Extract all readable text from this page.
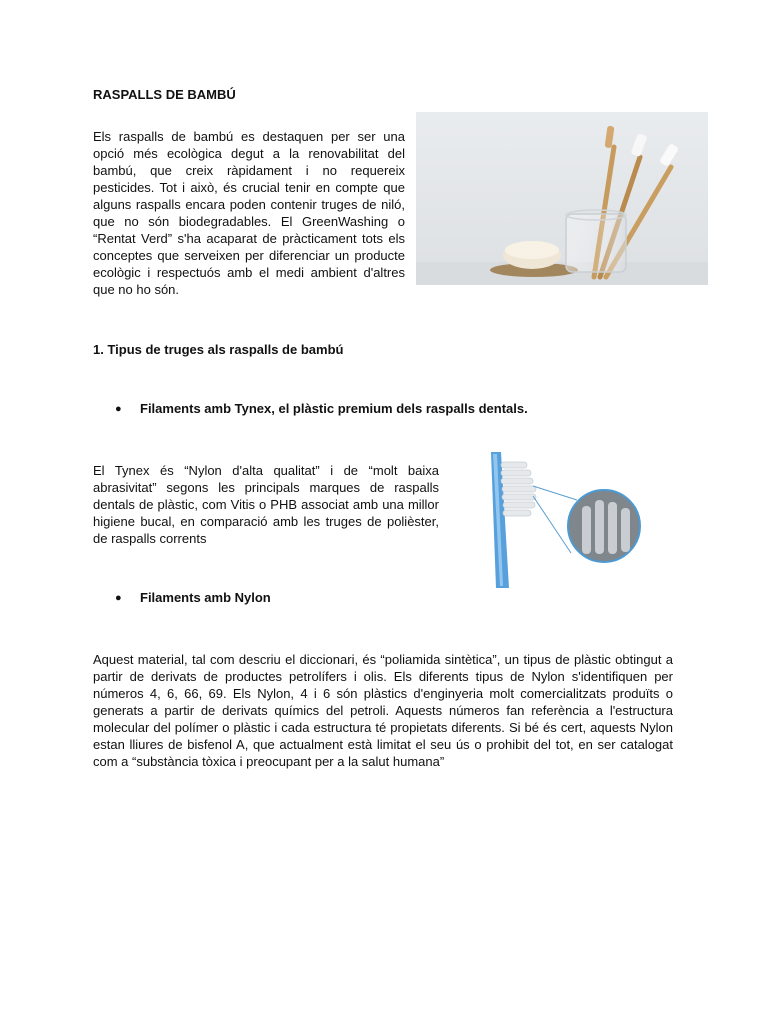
RASPALLS DE BAMBÚ
Els raspalls de bambú es destaquen per ser una opció més ecològica degut a la renovabilitat del bambú, que creix ràpidament i no requereix pesticides. Tot i això, és crucial tenir en compte que alguns raspalls encara poden contenir truges de niló, que no són biodegradables. El GreenWashing o “Rentat Verd” s'ha acaparat de pràcticament tots els conceptes que serveixen per diferenciar un producte ecològic i respectuós amb el medi ambient d'altres que no ho són.
1. Tipus de truges als raspalls de bambú
●	Filaments amb Tynex, el plàstic premium dels raspalls dentals.
El Tynex és “Nylon d'alta qualitat” i de “molt baixa abrasivitat” segons les principals marques de raspalls dentals de plàstic, com Vitis o PHB associat amb una millor higiene bucal, en comparació amb les truges de polièster, de raspalls corrents
●	Filaments amb Nylon
Aquest material, tal com descriu el diccionari, és “poliamida sintètica”, un tipus de plàstic obtingut a partir de derivats de productes petrolífers i olis. Els diferents tipus de Nylon s'identifiquen per números 4, 6, 66, 69. Els Nylon, 4 i 6 són plàstics d'enginyeria molt comercialitzats produïts o generats a partir de derivats químics del petroli. Aquests números fan referència a l'estructura molecular del polímer o plàstic i cada estructura té propietats diferents. Si bé és cert, aquests Nylon estan lliures de bisfenol A, que actualment està limitat el seu ús o prohibit del tot, en ser catalogat com a “substància tòxica i preocupant per a la salut humana”
